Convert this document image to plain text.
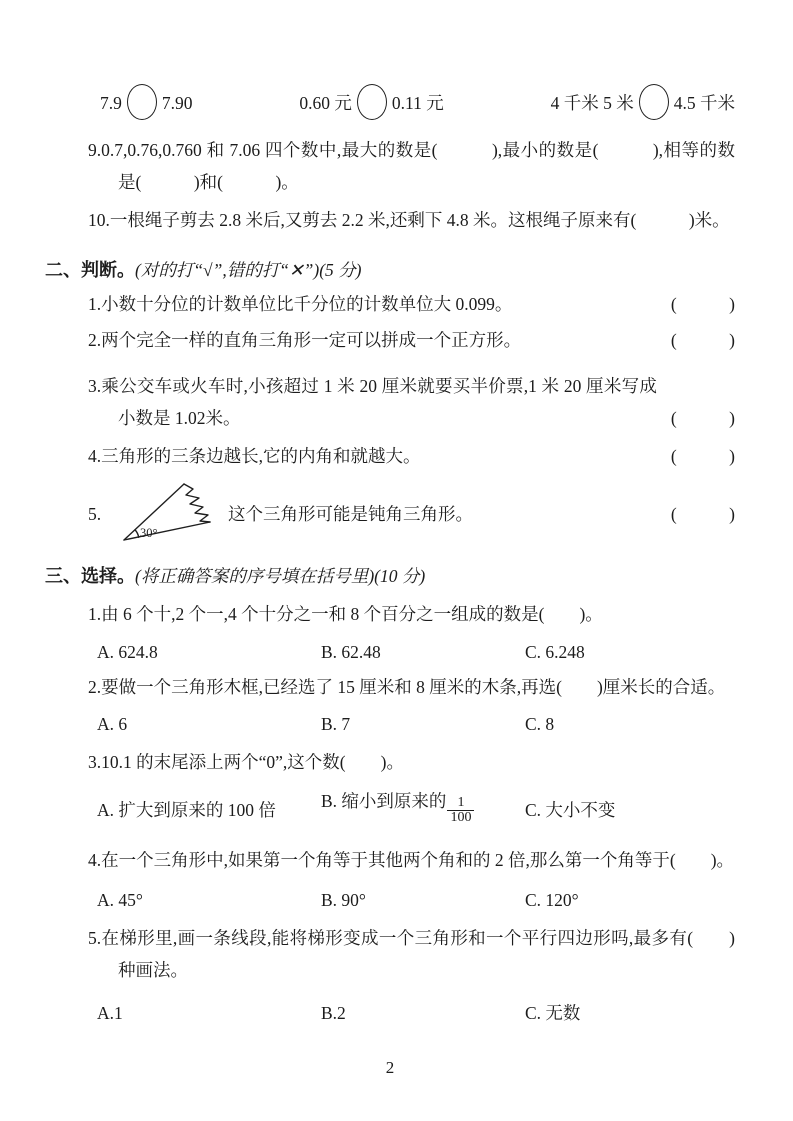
7.9 7.90	0.60 元 0.11 元	4 千米 5 米 4.5 千米
9.0.7,0.76,0.760 和 7.06 四个数中,最大的数是(　　　),最小的数是(　　　),相等的数是(　　　)和(　　　)。
10.一根绳子剪去 2.8 米后,又剪去 2.2 米,还剩下 4.8 米。这根绳子原来有(　　　)米。
二、判断。(对的打“√”,错的打“✕”)(5 分)
1.小数十分位的计数单位比千分位的计数单位大 0.099。	(　　　)
2.两个完全一样的直角三角形一定可以拼成一个正方形。	(　　　)
3.乘公交车或火车时,小孩超过 1 米 20 厘米就要买半价票,1 米 20 厘米写成小数是 1.02米。	(　　　)
4.三角形的三条边越长,它的内角和就越大。	(　　　)
5.
30°
这个三角形可能是钝角三角形。	(　　　)
三、选择。(将正确答案的序号填在括号里)(10 分)
1.由 6 个十,2 个一,4 个十分之一和 8 个百分之一组成的数是(　　)。
A. 624.8	B. 62.48	C. 6.248
2.要做一个三角形木框,已经选了 15 厘米和 8 厘米的木条,再选(　　)厘米长的合适。
A. 6	B. 7	C. 8
3.10.1 的末尾添上两个“0”,这个数(　　)。
A. 扩大到原来的 100 倍	B. 缩小到原来的 $\frac{1}{100}$	C. 大小不变
4.在一个三角形中,如果第一个角等于其他两个角和的 2 倍,那么第一个角等于(　　)。
A. 45°	B. 90°	C. 120°
5.在梯形里,画一条线段,能将梯形变成一个三角形和一个平行四边形吗,最多有(　　)种画法。
A.1	B.2	C. 无数
2
